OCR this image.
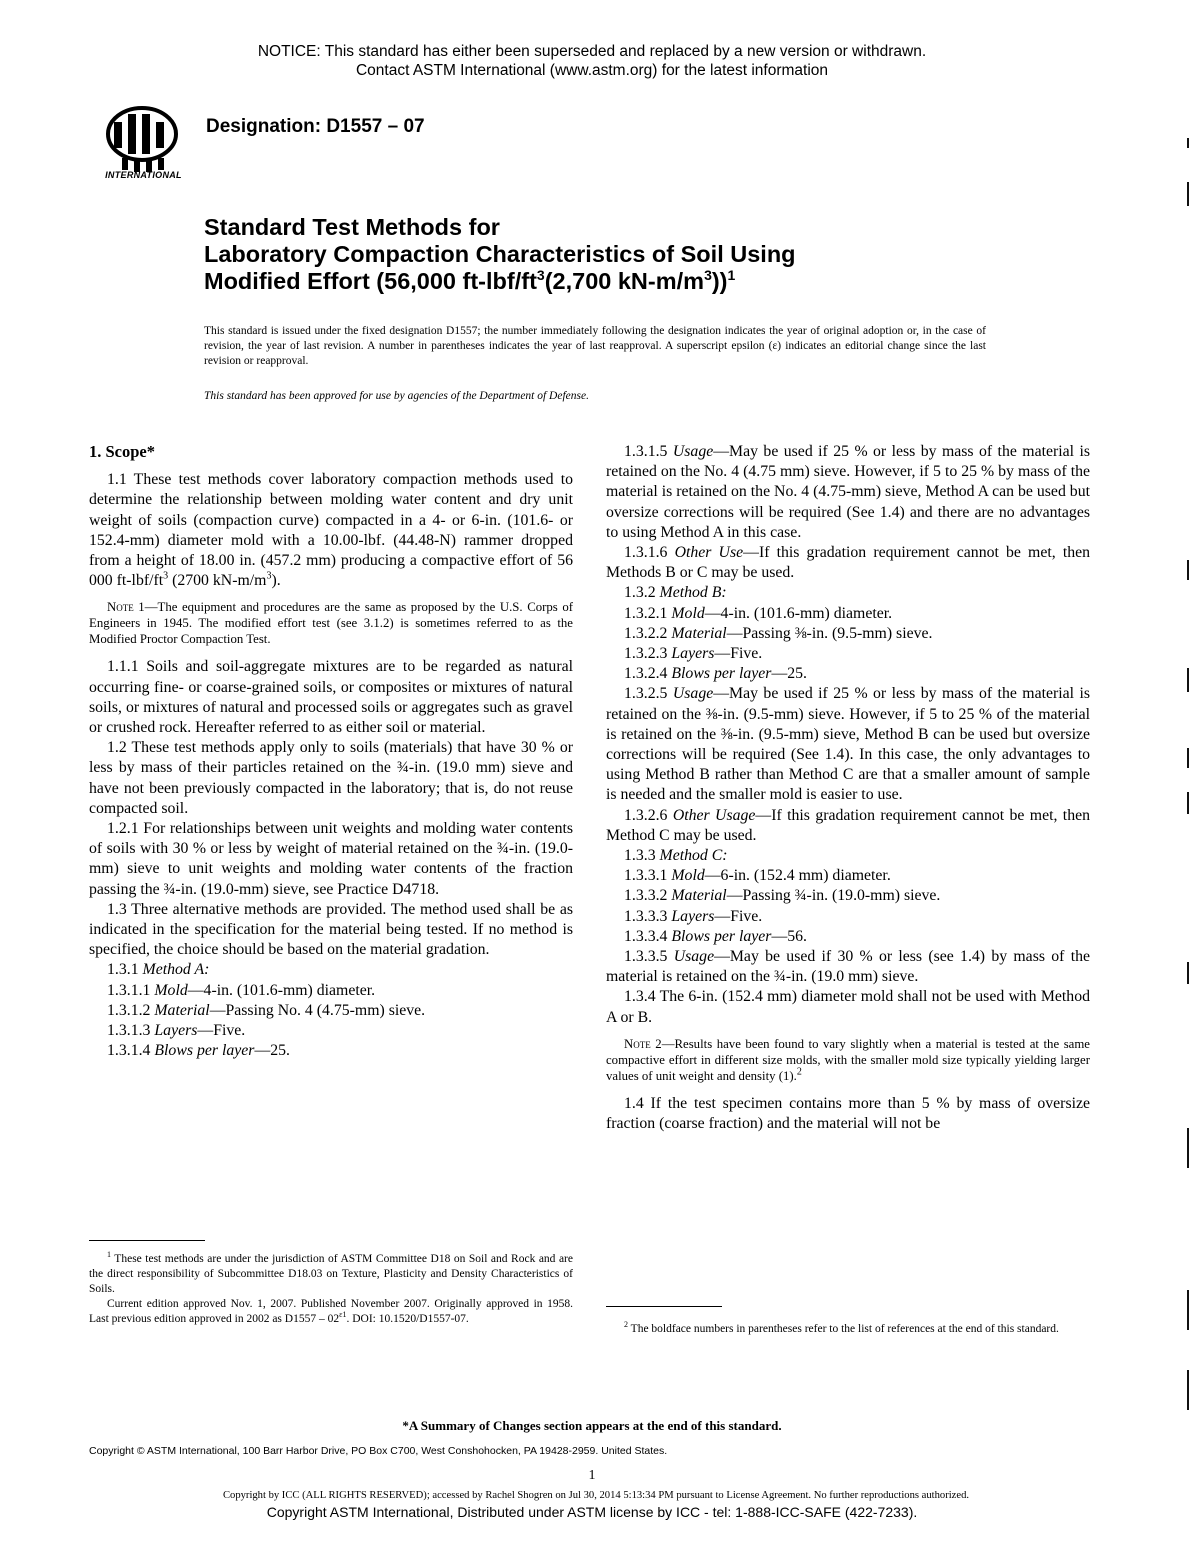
NOTICE: This standard has either been superseded and replaced by a new version or withdrawn.
Contact ASTM International (www.astm.org) for the latest information
INTERNATIONAL
Designation: D1557 – 07
Standard Test Methods for
Laboratory Compaction Characteristics of Soil Using
Modified Effort (56,000 $ft-lbf/ft^3(2,700$ $kN-m/m^3))^1$
This standard is issued under the fixed designation D1557; the number immediately following the designation indicates the year of original adoption or, in the case of revision, the year of last revision. A number in parentheses indicates the year of last reapproval. A superscript epsilon (ε) indicates an editorial change since the last revision or reapproval.
This standard has been approved for use by agencies of the Department of Defense.
1. Scope*

1.1 These test methods cover laboratory compaction methods used to determine the relationship between molding water content and dry unit weight of soils (compaction curve) compacted in a 4- or 6-in. (101.6- or 152.4-mm) diameter mold with a 10.00-lbf. (44.48-N) rammer dropped from a height of 18.00 in. (457.2 mm) producing a compactive effort of 56 000 $ft-lbf/ft^3$ (2700 $kN-m/m^3$).

Note 1—The equipment and procedures are the same as proposed by the U.S. Corps of Engineers in 1945. The modified effort test (see 3.1.2) is sometimes referred to as the Modified Proctor Compaction Test.

1.1.1 Soils and soil-aggregate mixtures are to be regarded as natural occurring fine- or coarse-grained soils, or composites or mixtures of natural soils, or mixtures of natural and processed soils or aggregates such as gravel or crushed rock. Hereafter referred to as either soil or material.

1.2 These test methods apply only to soils (materials) that have 30 % or less by mass of their particles retained on the ¾-in. (19.0 mm) sieve and have not been previously compacted in the laboratory; that is, do not reuse compacted soil.

1.2.1 For relationships between unit weights and molding water contents of soils with 30 % or less by weight of material retained on the ¾-in. (19.0-mm) sieve to unit weights and molding water contents of the fraction passing the ¾-in. (19.0-mm) sieve, see Practice D4718.

1.3 Three alternative methods are provided. The method used shall be as indicated in the specification for the material being tested. If no method is specified, the choice should be based on the material gradation.

1.3.1 Method A:

1.3.1.1 Mold—4-in. (101.6-mm) diameter.

1.3.1.2 Material—Passing No. 4 (4.75-mm) sieve.

1.3.1.3 Layers—Five.

1.3.1.4 Blows per layer—25.

1.3.1.5 Usage—May be used if 25 % or less by mass of the material is retained on the No. 4 (4.75 mm) sieve. However, if 5 to 25 % by mass of the material is retained on the No. 4 (4.75-mm) sieve, Method A can be used but oversize corrections will be required (See 1.4) and there are no advantages to using Method A in this case.

1.3.1.6 Other Use—If this gradation requirement cannot be met, then Methods B or C may be used.

1.3.2 Method B:

1.3.2.1 Mold—4-in. (101.6-mm) diameter.

1.3.2.2 Material—Passing ⅜-in. (9.5-mm) sieve.

1.3.2.3 Layers—Five.

1.3.2.4 Blows per layer—25.

1.3.2.5 Usage—May be used if 25 % or less by mass of the material is retained on the ⅜-in. (9.5-mm) sieve. However, if 5 to 25 % of the material is retained on the ⅜-in. (9.5-mm) sieve, Method B can be used but oversize corrections will be required (See 1.4). In this case, the only advantages to using Method B rather than Method C are that a smaller amount of sample is needed and the smaller mold is easier to use.

1.3.2.6 Other Usage—If this gradation requirement cannot be met, then Method C may be used.

1.3.3 Method C:

1.3.3.1 Mold—6-in. (152.4 mm) diameter.

1.3.3.2 Material—Passing ¾-in. (19.0-mm) sieve.

1.3.3.3 Layers—Five.

1.3.3.4 Blows per layer—56.

1.3.3.5 Usage—May be used if 30 % or less (see 1.4) by mass of the material is retained on the ¾-in. (19.0 mm) sieve.

1.3.4 The 6-in. (152.4 mm) diameter mold shall not be used with Method A or B.

Note 2—Results have been found to vary slightly when a material is tested at the same compactive effort in different size molds, with the smaller mold size typically yielding larger values of unit weight and density (1).$^2$

1.4 If the test specimen contains more than 5 % by mass of oversize fraction (coarse fraction) and the material will not be

$^1$ These test methods are under the jurisdiction of ASTM Committee D18 on Soil and Rock and are the direct responsibility of Subcommittee D18.03 on Texture, Plasticity and Density Characteristics of Soils.

Current edition approved Nov. 1, 2007. Published November 2007. Originally approved in 1958. Last previous edition approved in 2002 as $D1557 - 02^{\varepsilon 1}$. DOI: 10.1520/D1557-07.	$^2$ The boldface numbers in parentheses refer to the list of references at the end of this standard.

*A Summary of Changes section appears at the end of this standard.
Copyright © ASTM International, 100 Barr Harbor Drive, PO Box C700, West Conshohocken, PA 19428-2959. United States.
1
Copyright by ICC (ALL RIGHTS RESERVED); accessed by Rachel Shogren on Jul 30, 2014 5:13:34 PM pursuant to License Agreement. No further reproductions authorized.
Copyright ASTM International, Distributed under ASTM license by ICC - tel: 1-888-ICC-SAFE (422-7233).
